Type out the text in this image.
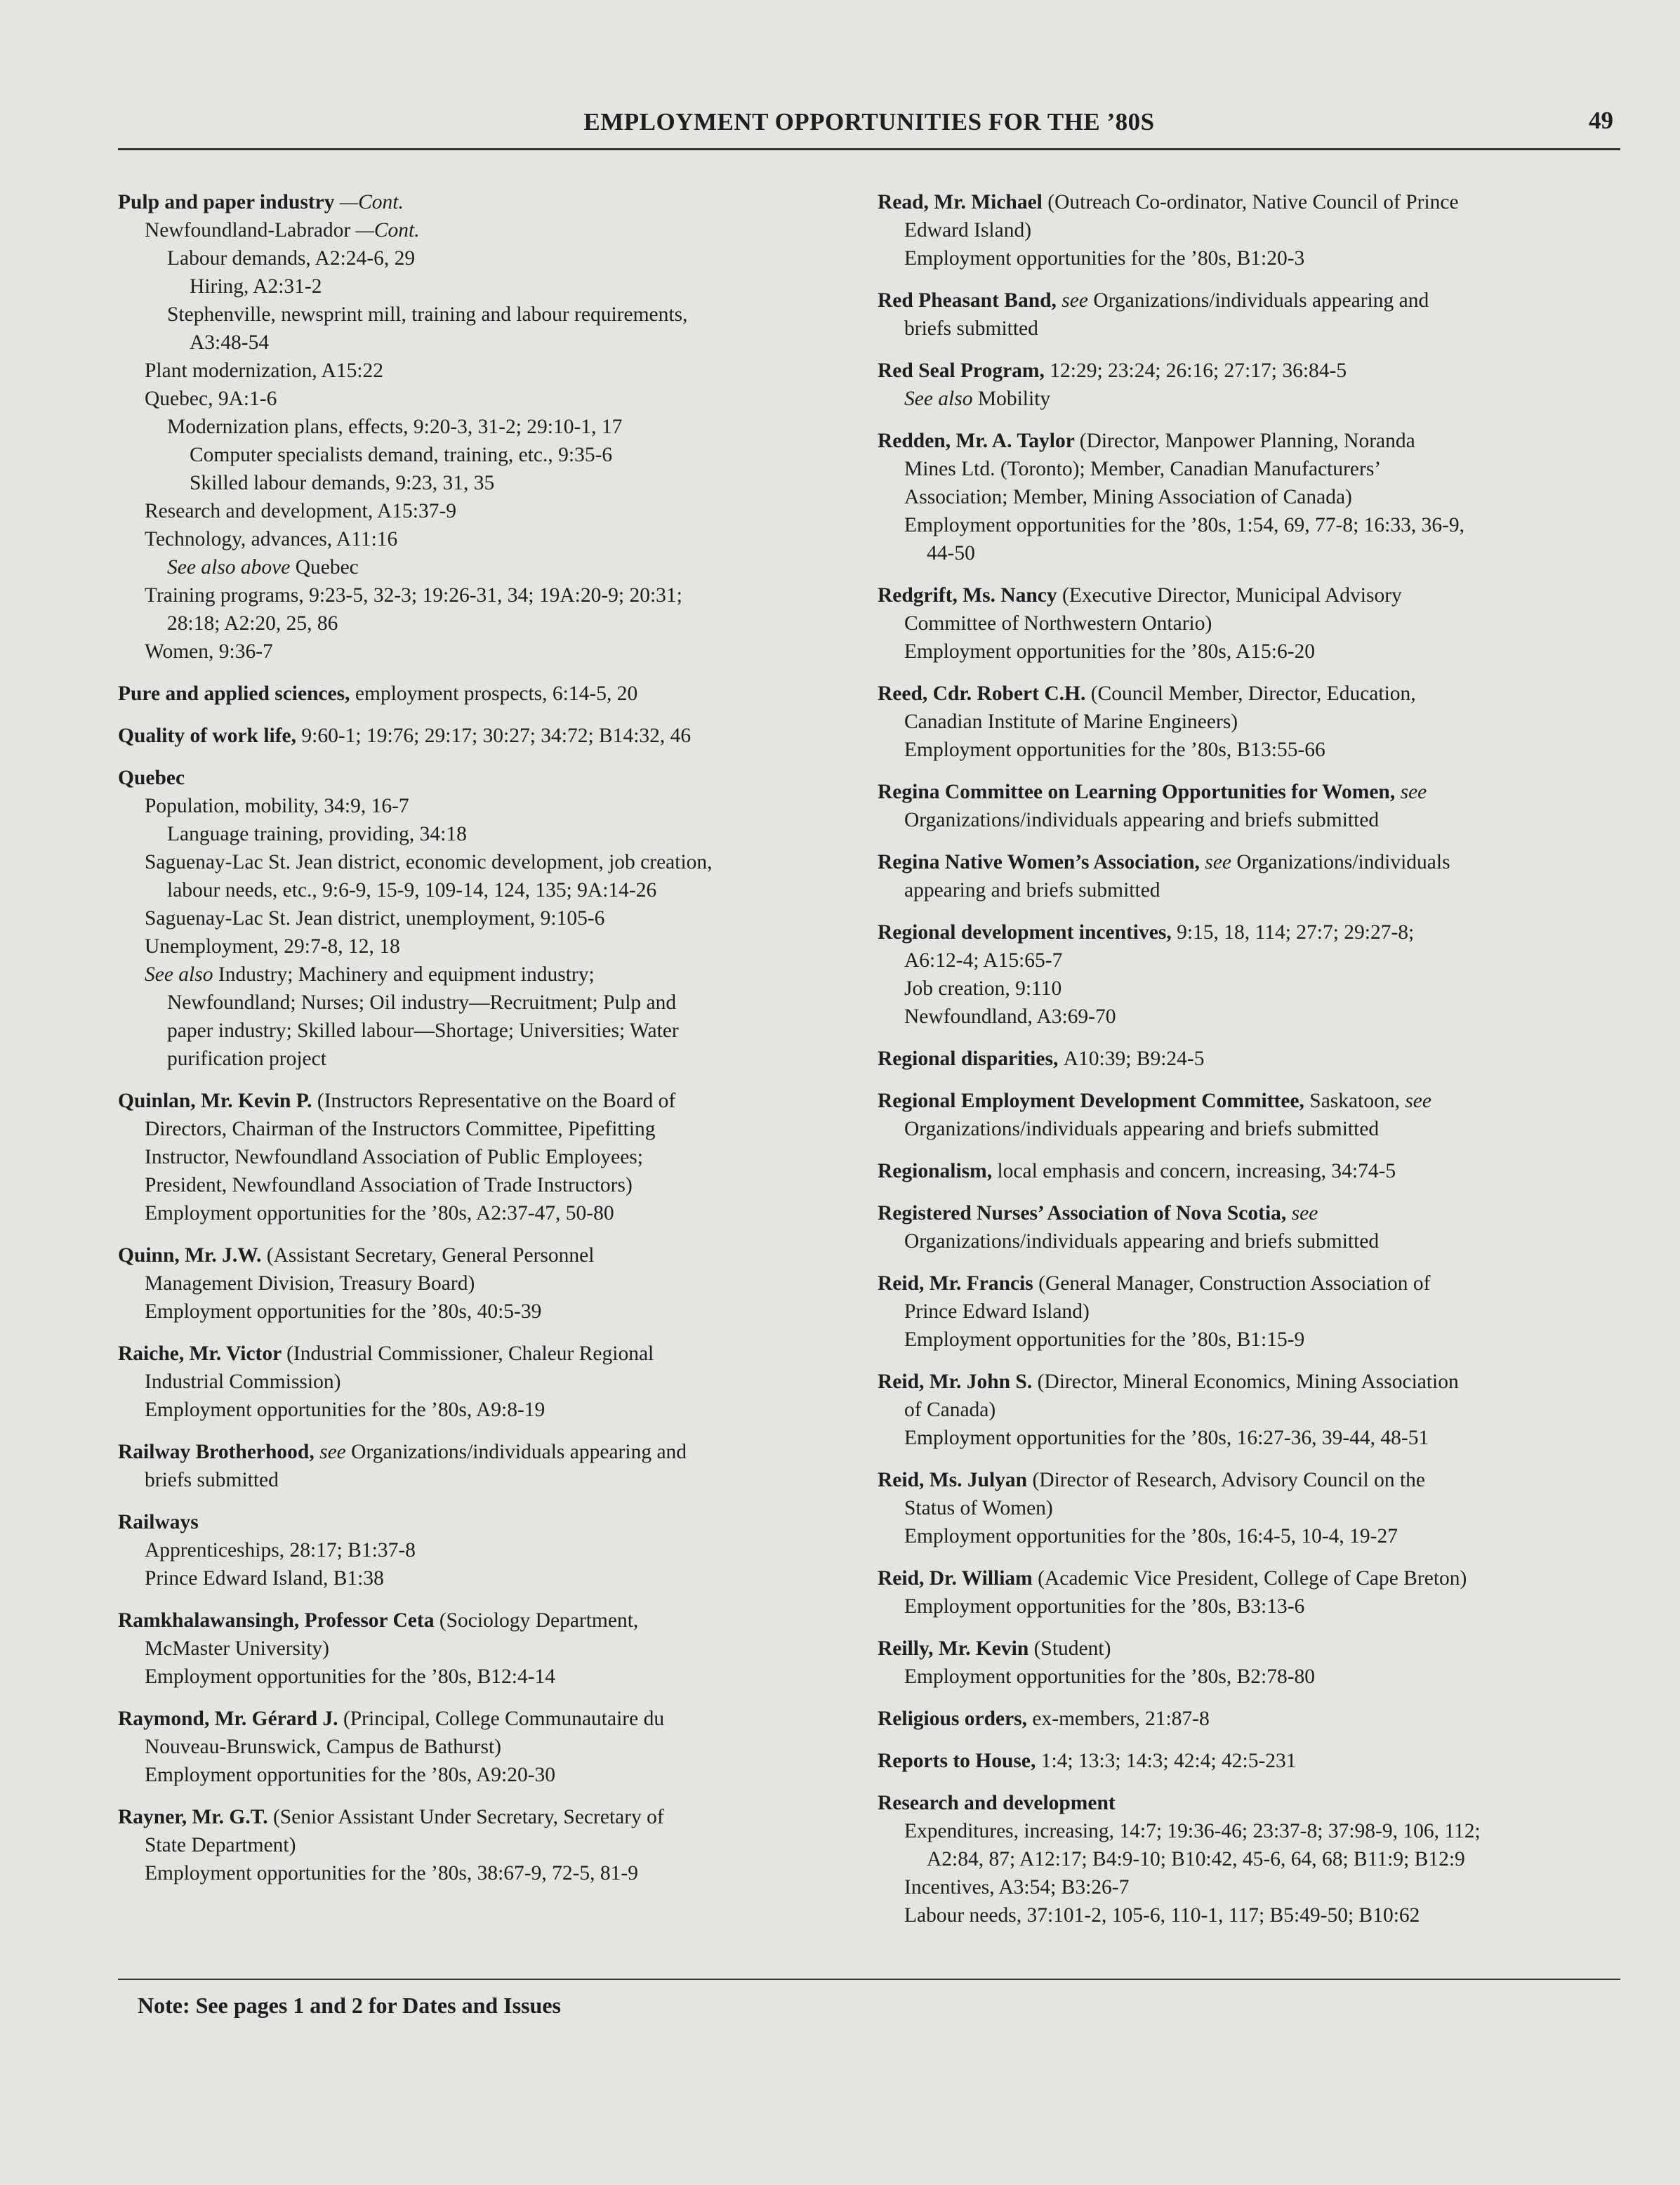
EMPLOYMENT OPPORTUNITIES FOR THE ’80S	49
Pulp and paper industry —Cont.
Newfoundland-Labrador —Cont.
Labour demands, A2:24-6, 29
Hiring, A2:31-2
Stephenville, newsprint mill, training and labour requirements,
A3:48-54
Plant modernization, A15:22
Quebec, 9A:1-6
Modernization plans, effects, 9:20-3, 31-2; 29:10-1, 17
Computer specialists demand, training, etc., 9:35-6
Skilled labour demands, 9:23, 31, 35
Research and development, A15:37-9
Technology, advances, A11:16
See also above Quebec
Training programs, 9:23-5, 32-3; 19:26-31, 34; 19A:20-9; 20:31;
28:18; A2:20, 25, 86
Women, 9:36-7
Pure and applied sciences, employment prospects, 6:14-5, 20
Quality of work life, 9:60-1; 19:76; 29:17; 30:27; 34:72; B14:32, 46
Quebec
Population, mobility, 34:9, 16-7
Language training, providing, 34:18
Saguenay-Lac St. Jean district, economic development, job creation,
labour needs, etc., 9:6-9, 15-9, 109-14, 124, 135; 9A:14-26
Saguenay-Lac St. Jean district, unemployment, 9:105-6
Unemployment, 29:7-8, 12, 18
See also Industry; Machinery and equipment industry;
Newfoundland; Nurses; Oil industry—Recruitment; Pulp and
paper industry; Skilled labour—Shortage; Universities; Water
purification project
Quinlan, Mr. Kevin P. (Instructors Representative on the Board of
Directors, Chairman of the Instructors Committee, Pipefitting
Instructor, Newfoundland Association of Public Employees;
President, Newfoundland Association of Trade Instructors)
Employment opportunities for the ’80s, A2:37-47, 50-80
Quinn, Mr. J.W. (Assistant Secretary, General Personnel
Management Division, Treasury Board)
Employment opportunities for the ’80s, 40:5-39
Raiche, Mr. Victor (Industrial Commissioner, Chaleur Regional
Industrial Commission)
Employment opportunities for the ’80s, A9:8-19
Railway Brotherhood, see Organizations/individuals appearing and
briefs submitted
Railways
Apprenticeships, 28:17; B1:37-8
Prince Edward Island, B1:38
Ramkhalawansingh, Professor Ceta (Sociology Department,
McMaster University)
Employment opportunities for the ’80s, B12:4-14
Raymond, Mr. Gérard J. (Principal, College Communautaire du
Nouveau-Brunswick, Campus de Bathurst)
Employment opportunities for the ’80s, A9:20-30
Rayner, Mr. G.T. (Senior Assistant Under Secretary, Secretary of
State Department)
Employment opportunities for the ’80s, 38:67-9, 72-5, 81-9
Read, Mr. Michael (Outreach Co-ordinator, Native Council of Prince
Edward Island)
Employment opportunities for the ’80s, B1:20-3
Red Pheasant Band, see Organizations/individuals appearing and
briefs submitted
Red Seal Program, 12:29; 23:24; 26:16; 27:17; 36:84-5
See also Mobility
Redden, Mr. A. Taylor (Director, Manpower Planning, Noranda
Mines Ltd. (Toronto); Member, Canadian Manufacturers’
Association; Member, Mining Association of Canada)
Employment opportunities for the ’80s, 1:54, 69, 77-8; 16:33, 36-9,
44-50
Redgrift, Ms. Nancy (Executive Director, Municipal Advisory
Committee of Northwestern Ontario)
Employment opportunities for the ’80s, A15:6-20
Reed, Cdr. Robert C.H. (Council Member, Director, Education,
Canadian Institute of Marine Engineers)
Employment opportunities for the ’80s, B13:55-66
Regina Committee on Learning Opportunities for Women, see
Organizations/individuals appearing and briefs submitted
Regina Native Women’s Association, see Organizations/individuals
appearing and briefs submitted
Regional development incentives, 9:15, 18, 114; 27:7; 29:27-8;
A6:12-4; A15:65-7
Job creation, 9:110
Newfoundland, A3:69-70
Regional disparities, A10:39; B9:24-5
Regional Employment Development Committee, Saskatoon, see
Organizations/individuals appearing and briefs submitted
Regionalism, local emphasis and concern, increasing, 34:74-5
Registered Nurses’ Association of Nova Scotia, see
Organizations/individuals appearing and briefs submitted
Reid, Mr. Francis (General Manager, Construction Association of
Prince Edward Island)
Employment opportunities for the ’80s, B1:15-9
Reid, Mr. John S. (Director, Mineral Economics, Mining Association
of Canada)
Employment opportunities for the ’80s, 16:27-36, 39-44, 48-51
Reid, Ms. Julyan (Director of Research, Advisory Council on the
Status of Women)
Employment opportunities for the ’80s, 16:4-5, 10-4, 19-27
Reid, Dr. William (Academic Vice President, College of Cape Breton)
Employment opportunities for the ’80s, B3:13-6
Reilly, Mr. Kevin (Student)
Employment opportunities for the ’80s, B2:78-80
Religious orders, ex-members, 21:87-8
Reports to House, 1:4; 13:3; 14:3; 42:4; 42:5-231
Research and development
Expenditures, increasing, 14:7; 19:36-46; 23:37-8; 37:98-9, 106, 112;
A2:84, 87; A12:17; B4:9-10; B10:42, 45-6, 64, 68; B11:9; B12:9
Incentives, A3:54; B3:26-7
Labour needs, 37:101-2, 105-6, 110-1, 117; B5:49-50; B10:62
Note: See pages 1 and 2 for Dates and Issues
